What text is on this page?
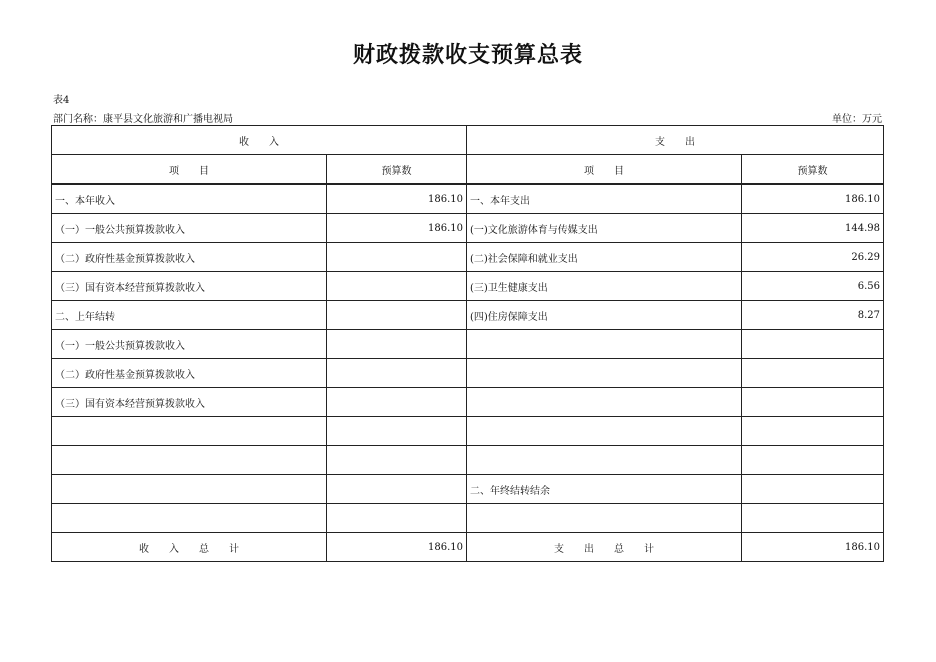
财政拨款收支预算总表
表4
部门名称：康平县文化旅游和广播电视局	单位：万元
收　　入		支　　出	
项　　目	预算数	项　　目	预算数
一、本年收入	186.10	一、本年支出	186.10
（一）一般公共预算拨款收入	186.10	(一)文化旅游体育与传媒支出	144.98
（二）政府性基金预算拨款收入		(二)社会保障和就业支出	26.29
（三）国有资本经营预算拨款收入		(三)卫生健康支出	6.56
二、上年结转		(四)住房保障支出	8.27
（一）一般公共预算拨款收入			
（二）政府性基金预算拨款收入			
（三）国有资本经营预算拨款收入			

		二、年终结转结余	

收　　入　　总　　计	186.10	支　　出　　总　　计	186.10
